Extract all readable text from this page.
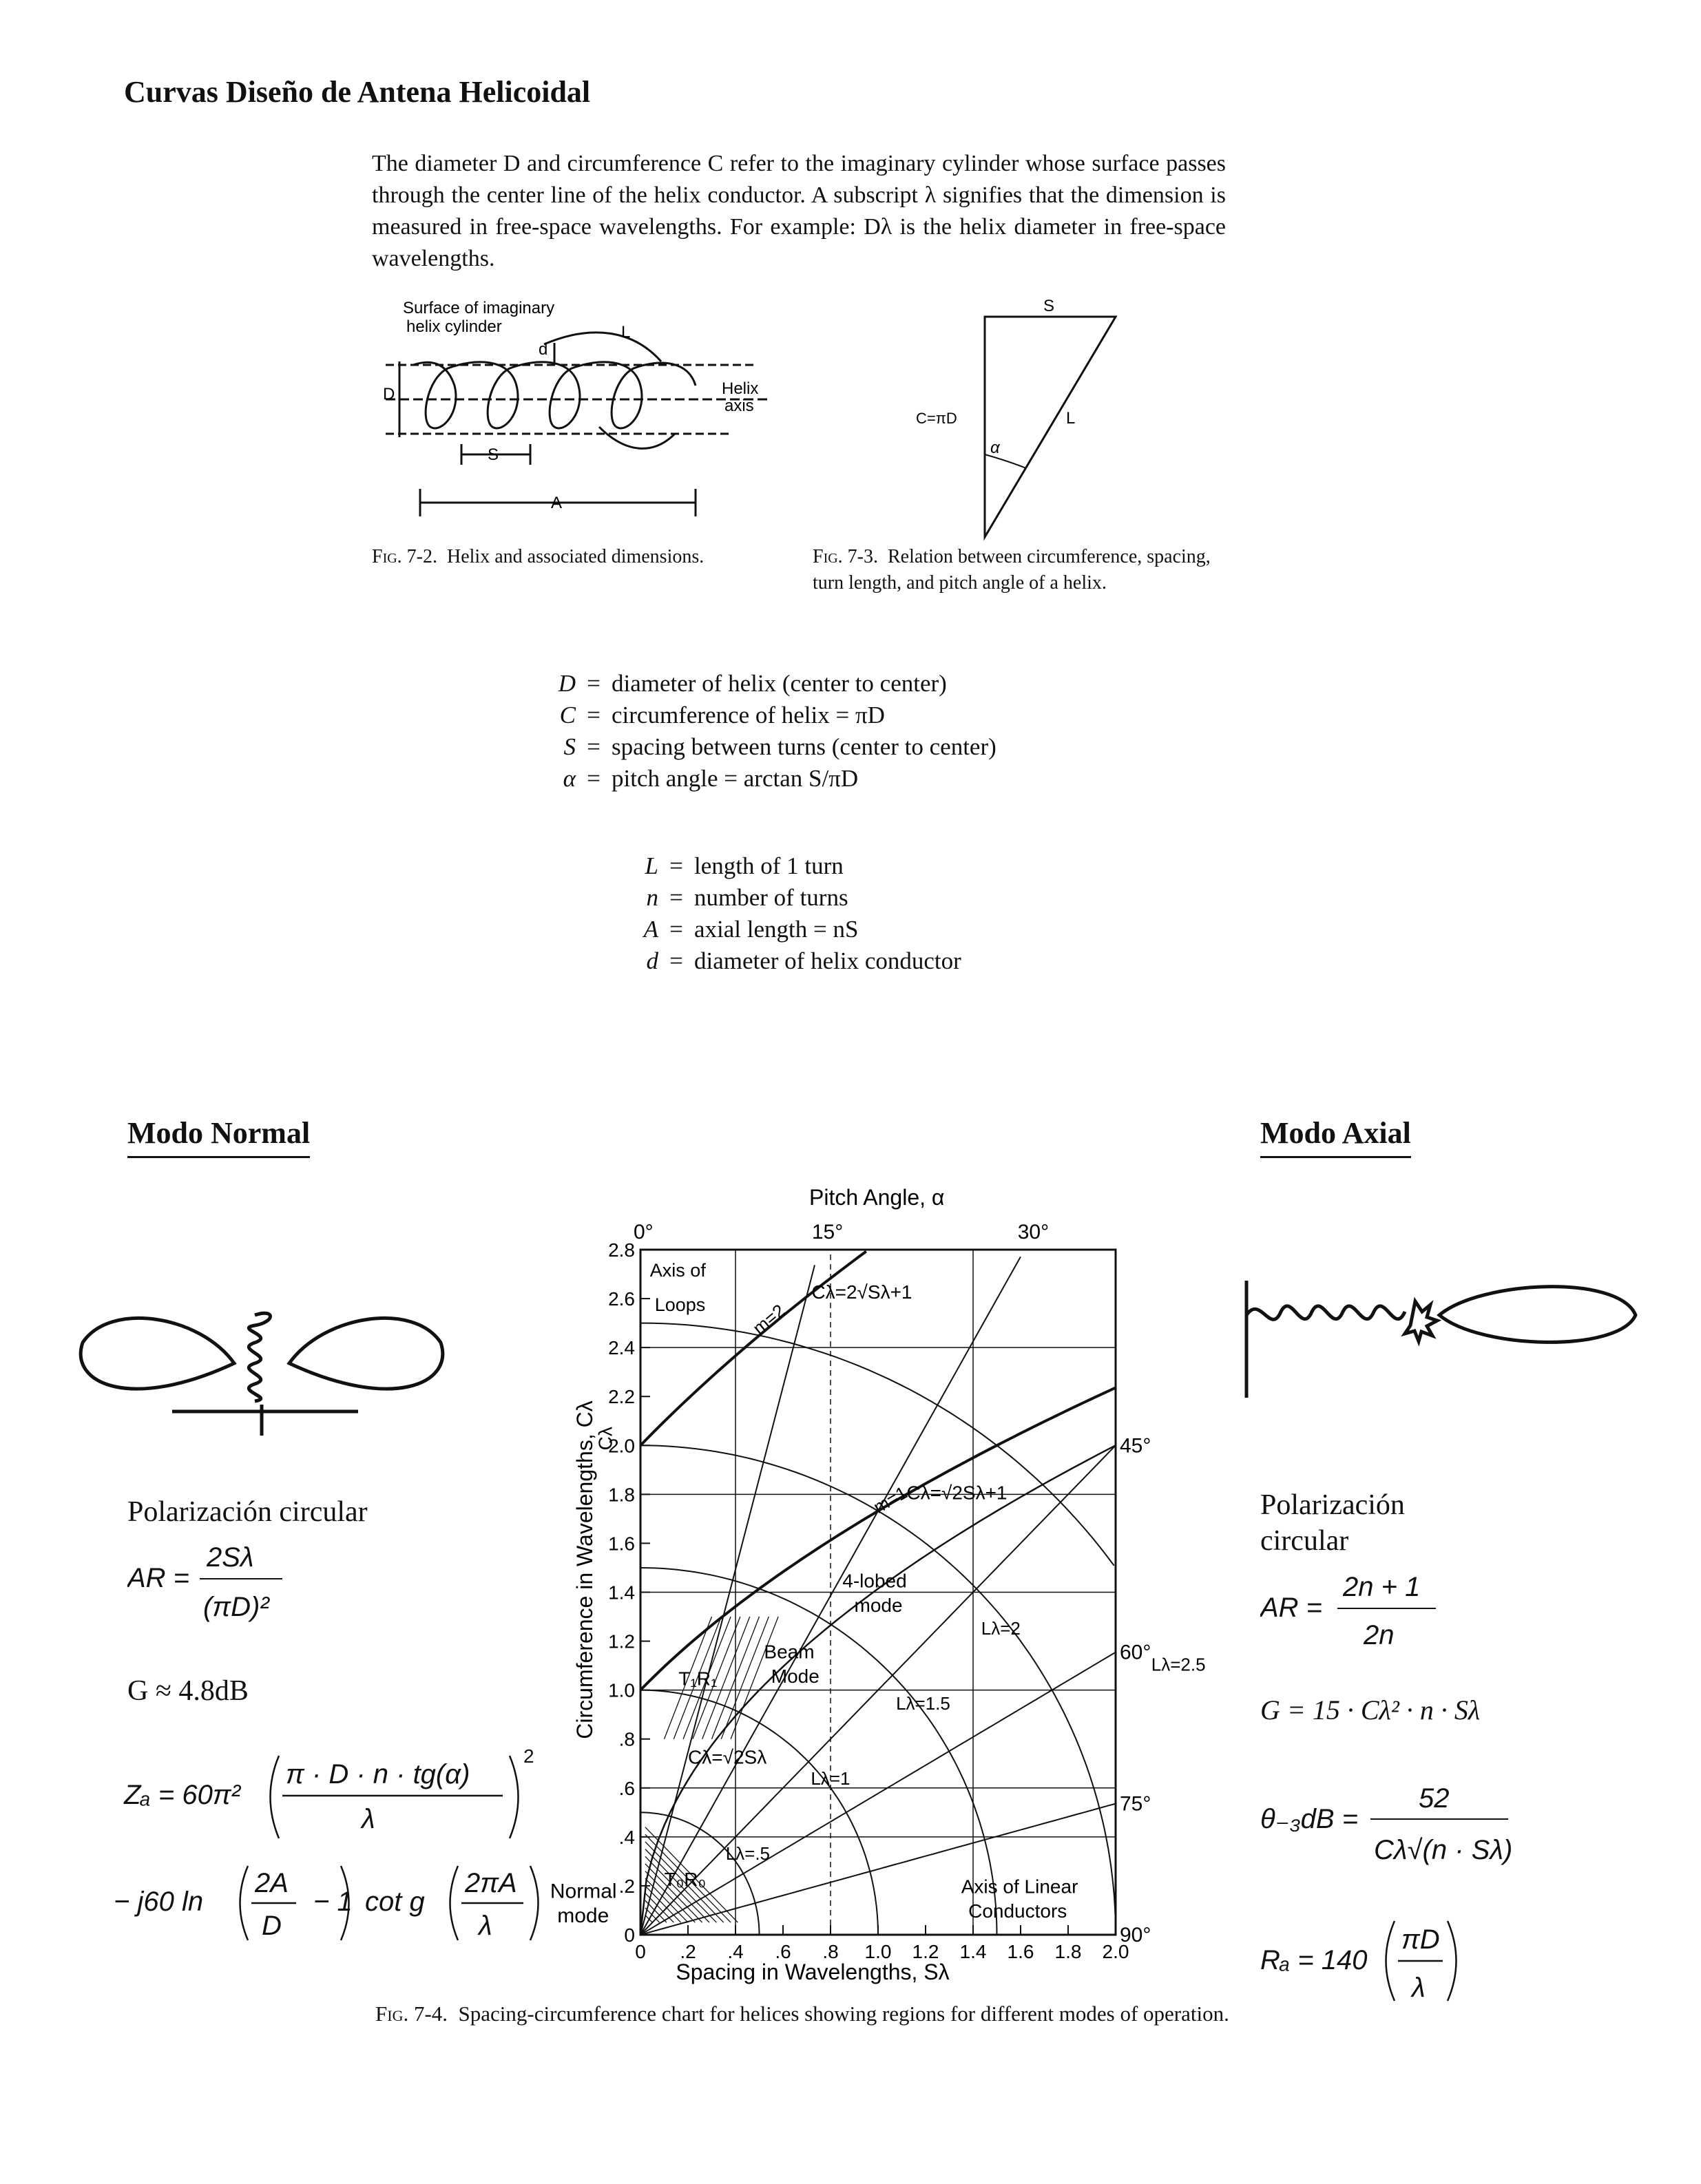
Curvas Diseño de Antena Helicoidal
The diameter D and circumference C refer to the imaginary cylinder whose surface passes through the center line of the helix conductor. A subscript λ signifies that the dimension is measured in free-space wavelengths. For example: Dλ is the helix diameter in free-space wavelengths.
Surface of imaginary
helix cylinder
d
L
D	Helix
axis
S
A
Fig. 7-2. Helix and associated dimensions.
S
C=πD	L
α
Fig. 7-3. Relation between circumference, spacing, turn length, and pitch angle of a helix.
D = diameter of helix (center to center)
C = circumference of helix = πD
S = spacing between turns (center to center)
α = pitch angle = arctan S/πD
L = length of 1 turn
n = number of turns
A = axial length = nS
d = diameter of helix conductor
Modo Normal	Modo Axial
Polarización circular
AR =
2Sλ
(πD)²
G ≈ 4.8dB
Zₐ = 60π²
π · D · n · tg(α)
λ
− j60 ln
2A
D
− 1 cot g
2πA
λ
2
Polarización circular
AR =
2n + 1
2n
G = 15 · Cλ² · n · Sλ
θ₋₃dB =
52
Cλ√(n · Sλ)
Rₐ = 140
πD
λ
Pitch Angle, α
Circumference in Wavelengths, Cλ
Spacing in Wavelengths, Sλ
0 .2 .4 .6 .8 1.0 1.2 1.4 1.6 1.8 2.0
0
.2
.4
.6
.8
1.0
1.2
1.4
1.6
1.8
2.0
2.2
2.4
2.6
2.8
0°	15°	30°
45°
60°
75°
90°
Lλ=.5
Lλ=1
Lλ=1.5
Lλ=2
Lλ=2.5
Cλ=2√Sλ+1
Cλ=√2Sλ+1
Cλ=√2Sλ
Axis of
Loops m=2
m=1
4-lobed
mode
Beam
Mode
T₁R₁
T₀R₀
Normal
mode
Axis of Linear
Conductors
Cλ
Fig. 7-4. Spacing-circumference chart for helices showing regions for different modes of operation.
